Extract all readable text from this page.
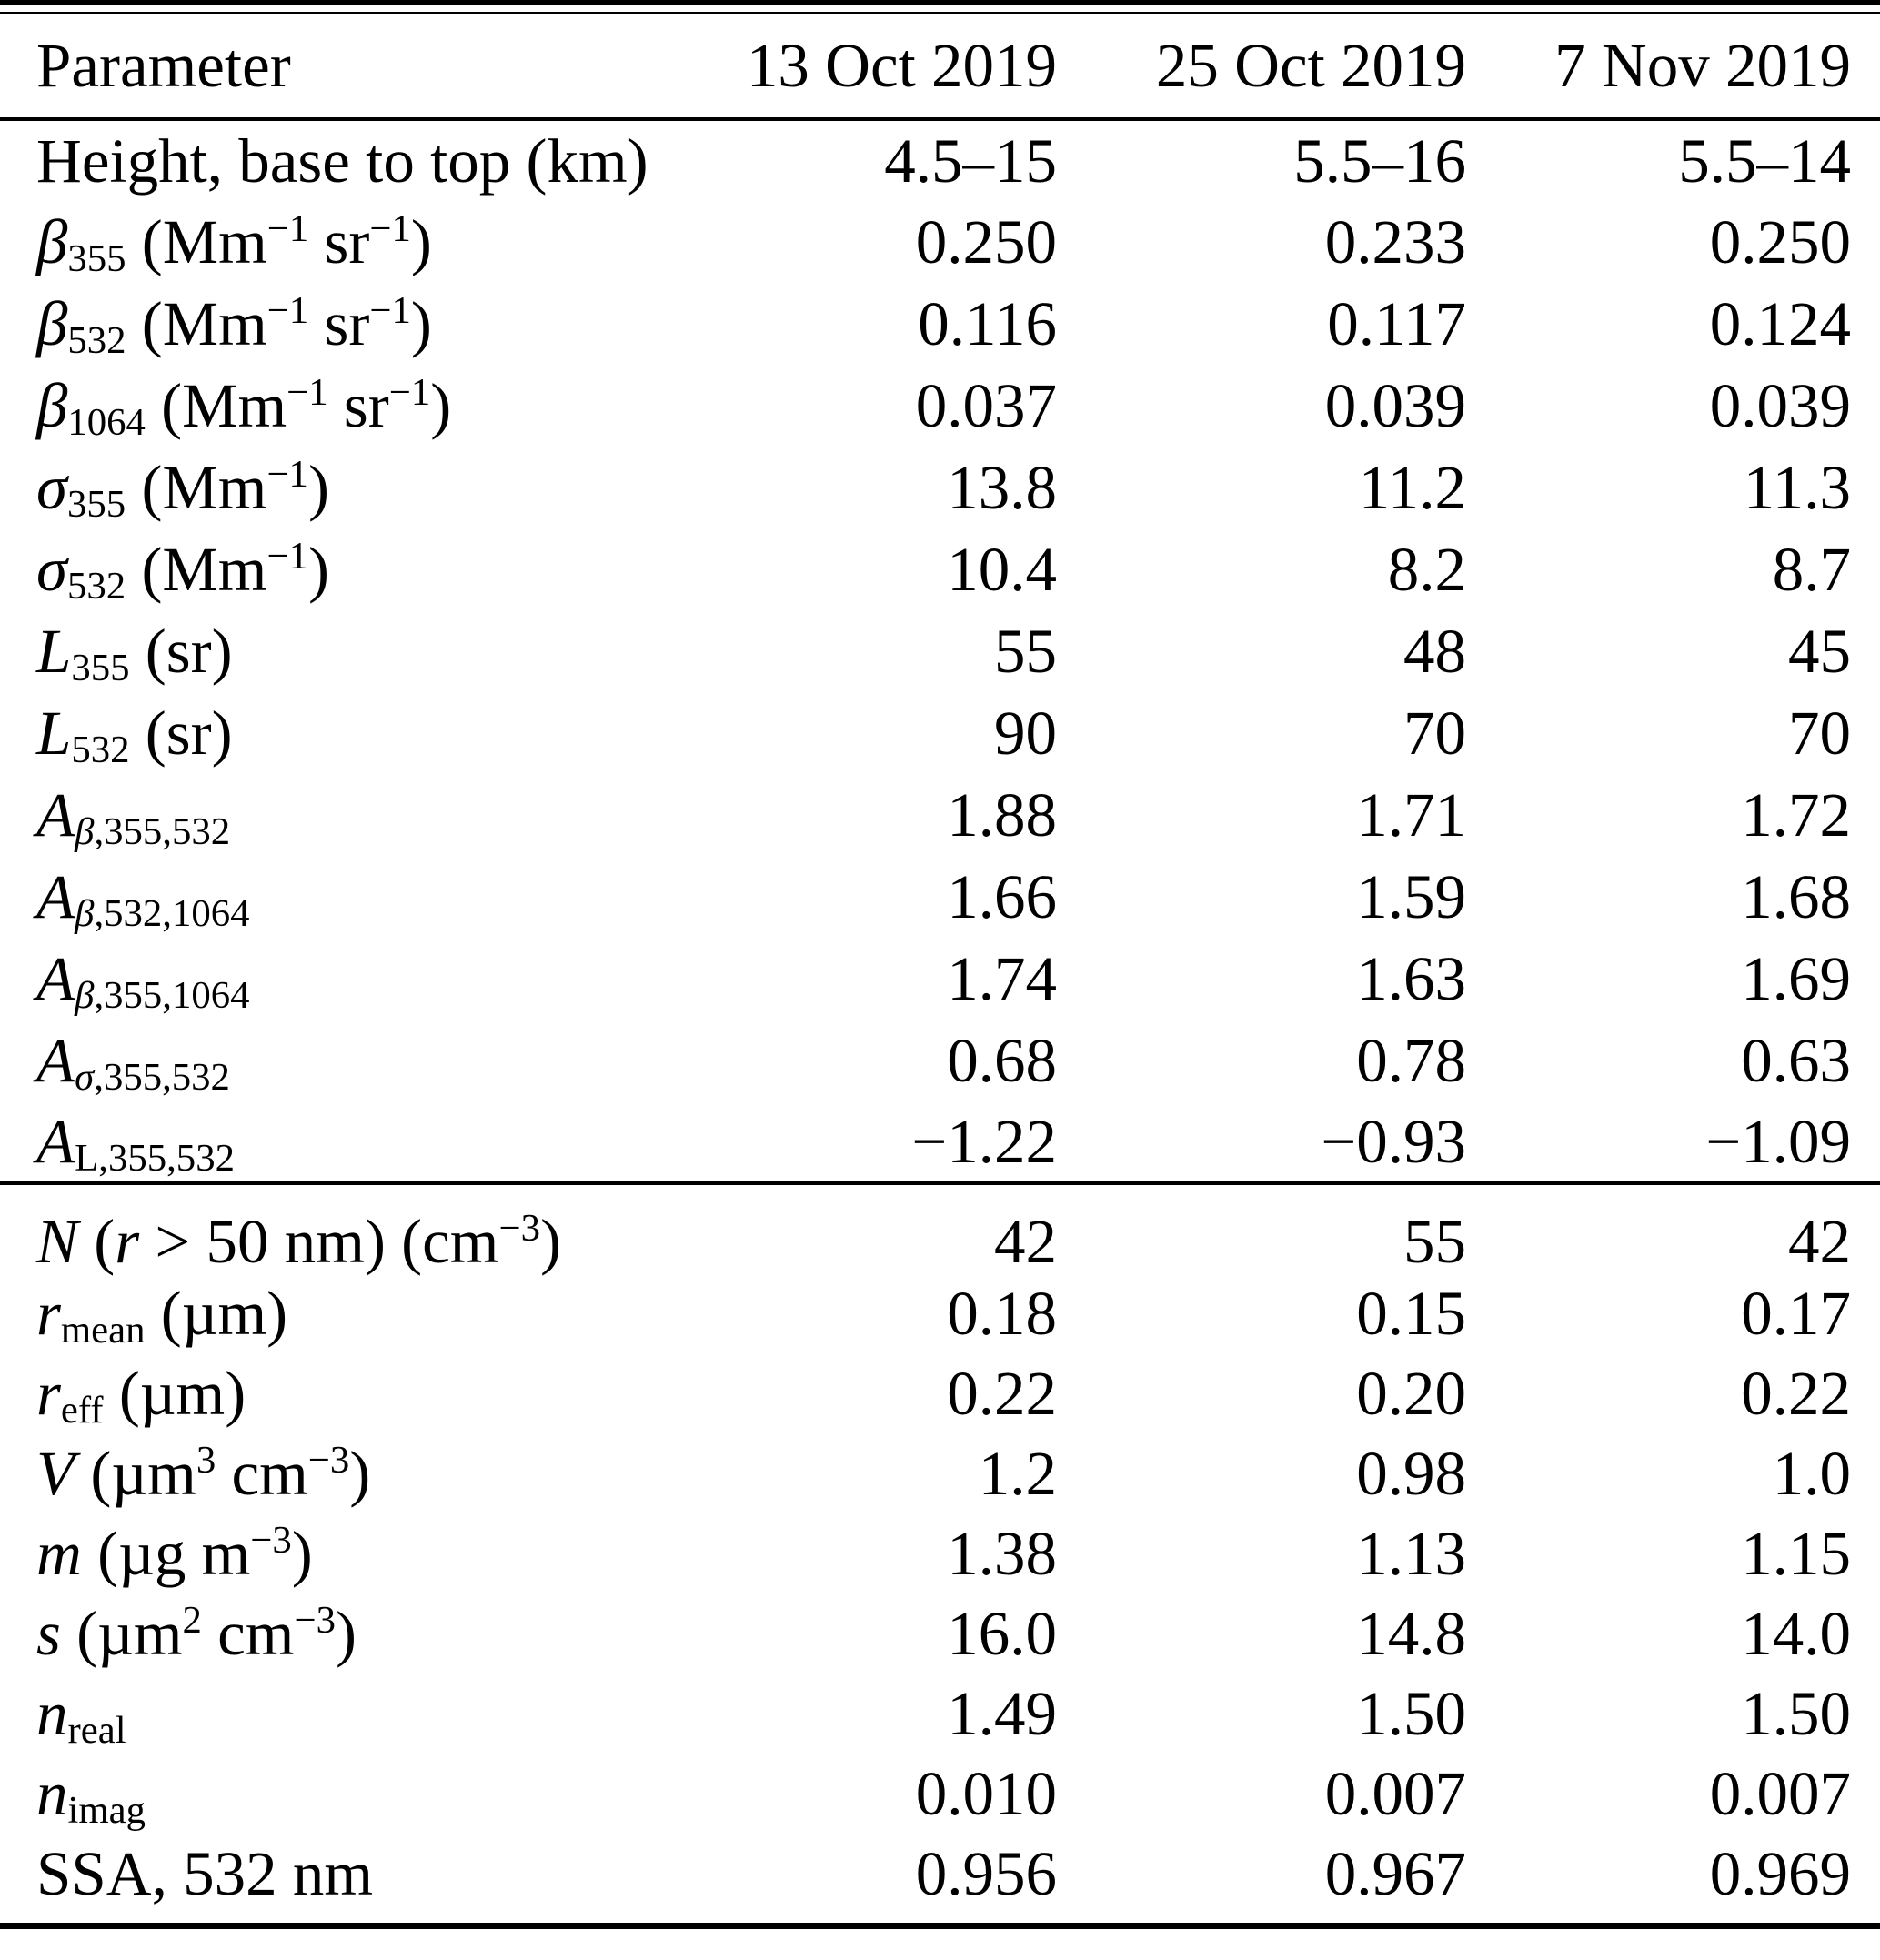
Parameter	13 Oct 2019	25 Oct 2019	7 Nov 2019
Height, base to top (km)	4.5–15	5.5–16	5.5–14
$\beta_{355}$ ($Mm^{-1}$ $sr^{-1}$)	0.250	0.233	0.250
$\beta_{532}$ ($Mm^{-1}$ $sr^{-1}$)	0.116	0.117	0.124
$\beta_{1064}$ ($Mm^{-1}$ $sr^{-1}$)	0.037	0.039	0.039
$\sigma_{355}$ $(Mm^{-1})$	13.8	11.2	11.3
$\sigma_{532}$ $(Mm^{-1})$	10.4	8.2	8.7
$L_{355}$ (sr)	55	48	45
$L_{532}$ (sr)	90	70	70
$A_{\beta,355,532}$	1.88	1.71	1.72
$A_{\beta,532,1064}$	1.66	1.59	1.68
$A_{\beta,355,1064}$	1.74	1.63	1.69
$A_{\sigma,355,532}$	0.68	0.78	0.63
$A_{L,355,532}$	−1.22	−0.93	−1.09
N (r > 50 nm) $(cm^{-3})$	42	55	42
$r_{mean}$ (µm)	0.18	0.15	0.17
$r_{eff}$ (µm)	0.22	0.20	0.22
V (µm$^3$ $cm^{-3}$)	1.2	0.98	1.0
m (µg $m^{-3}$)	1.38	1.13	1.15
s (µm$^2$ $cm^{-3}$)	16.0	14.8	14.0
$n_{real}$	1.49	1.50	1.50
$n_{imag}$	0.010	0.007	0.007
SSA, 532 nm	0.956	0.967	0.969
